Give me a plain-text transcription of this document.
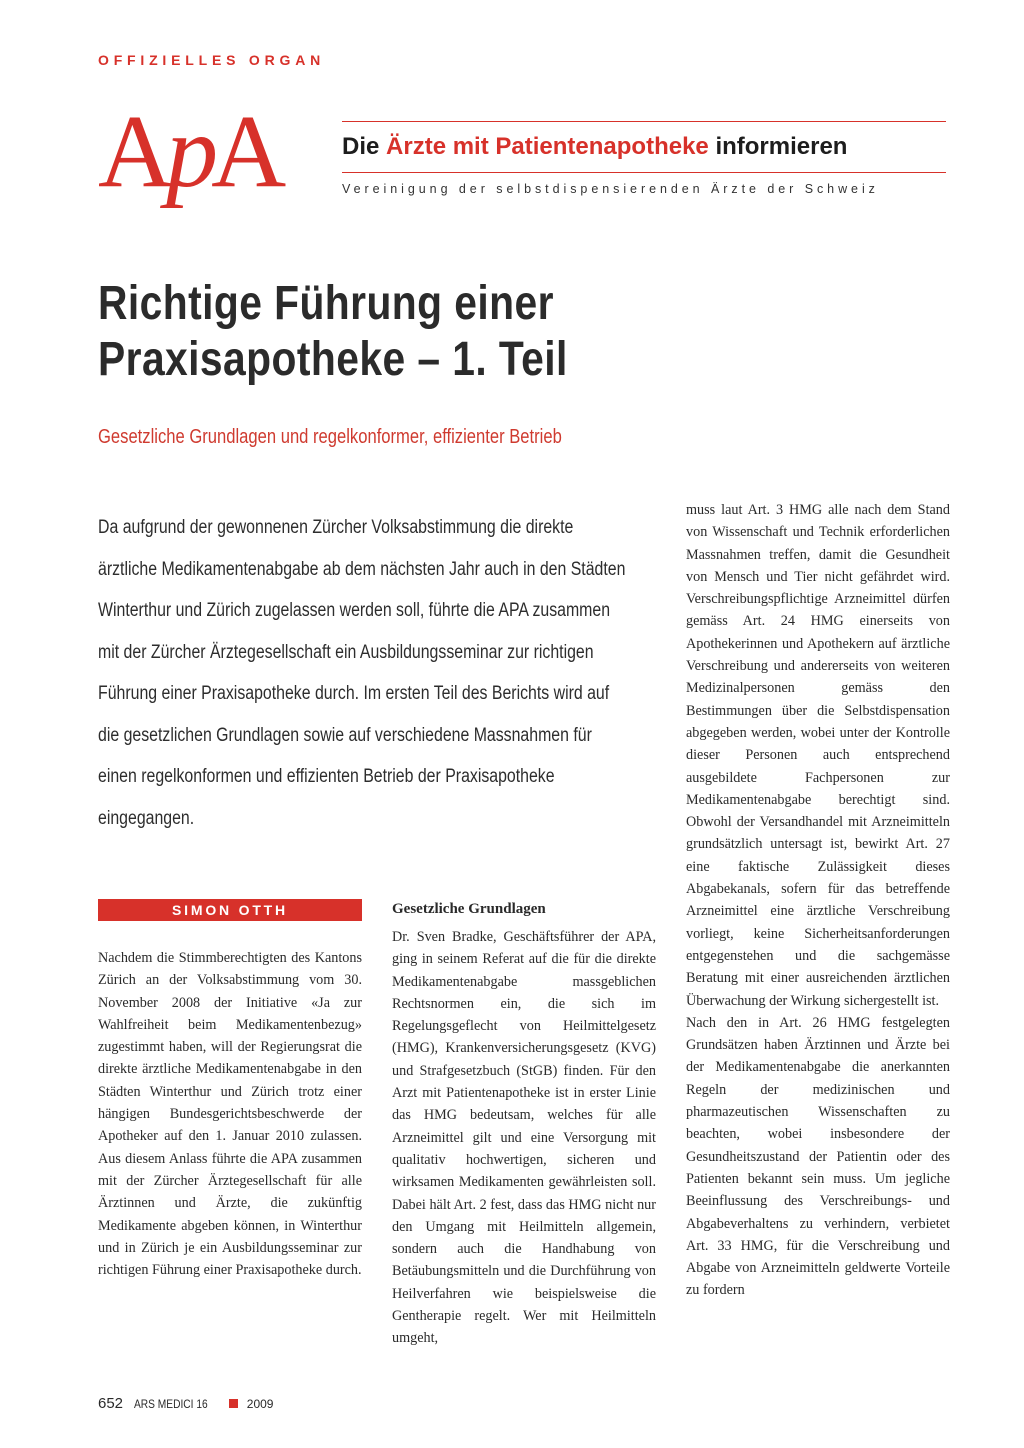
OFFIZIELLES ORGAN
ApA	Die Ärzte mit Patientenapotheke informieren
Vereinigung der selbstdispensierenden Ärzte der Schweiz
Richtige Führung einer Praxisapotheke – 1. Teil
Gesetzliche Grundlagen und regelkonformer, effizienter Betrieb
Da aufgrund der gewonnenen Zürcher Volksabstimmung die direkte ärztliche Medikamentenabgabe ab dem nächsten Jahr auch in den Städten Winterthur und Zürich zugelassen werden soll, führte die APA zusammen mit der Zürcher Ärztegesellschaft ein Ausbildungsseminar zur richtigen Führung einer Praxisapotheke durch. Im ersten Teil des Berichts wird auf die gesetzlichen Grundlagen sowie auf verschiedene Massnahmen für einen regelkonformen und effizienten Betrieb der Praxisapotheke eingegangen.
SIMON OTTH

Nachdem die Stimmberechtigten des Kantons Zürich an der Volksabstimmung vom 30. November 2008 der Initiative «Ja zur Wahlfreiheit beim Medikamentenbezug» zugestimmt haben, will der Regierungsrat die direkte ärztliche Medikamentenabgabe in den Städten Winterthur und Zürich trotz einer hängigen Bundesgerichtsbeschwerde der Apotheker auf den 1. Januar 2010 zulassen. Aus diesem Anlass führte die APA zusammen mit der Zürcher Ärztegesellschaft für alle Ärztinnen und Ärzte, die zukünftig Medikamente abgeben können, in Winterthur und in Zürich je ein Ausbildungsseminar zur richtigen Führung einer Praxisapotheke durch.

Gesetzliche Grundlagen

Dr. Sven Bradke, Geschäftsführer der APA, ging in seinem Referat auf die für die direkte Medikamentenabgabe massgeblichen Rechtsnormen ein, die sich im Regelungsgeflecht von Heilmittelgesetz (HMG), Krankenversicherungsgesetz (KVG) und Strafgesetzbuch (StGB) finden. Für den Arzt mit Patientenapotheke ist in erster Linie das HMG bedeutsam, welches für alle Arzneimittel gilt und eine Versorgung mit qualitativ hochwertigen, sicheren und wirksamen Medikamenten gewährleisten soll. Dabei hält Art. 2 fest, dass das HMG nicht nur den Umgang mit Heilmitteln allgemein, sondern auch die Handhabung von Betäubungsmitteln und die Durchführung von Heilverfahren wie beispielsweise die Gentherapie regelt. Wer mit Heilmitteln umgeht,

muss laut Art. 3 HMG alle nach dem Stand von Wissenschaft und Technik erforderlichen Massnahmen treffen, damit die Gesundheit von Mensch und Tier nicht gefährdet wird. Verschreibungspflichtige Arzneimittel dürfen gemäss Art. 24 HMG einerseits von Apothekerinnen und Apothekern auf ärztliche Verschreibung und andererseits von weiteren Medizinalpersonen gemäss den Bestimmungen über die Selbstdispensation abgegeben werden, wobei unter der Kontrolle dieser Personen auch entsprechend ausgebildete Fachpersonen zur Medikamentenabgabe berechtigt sind. Obwohl der Versandhandel mit Arzneimitteln grundsätzlich untersagt ist, bewirkt Art. 27 eine faktische Zulässigkeit dieses Abgabekanals, sofern für das betreffende Arzneimittel eine ärztliche Verschreibung vorliegt, keine Sicherheitsanforderungen entgegenstehen und die sachgemässe Beratung mit einer ausreichenden ärztlichen Überwachung der Wirkung sichergestellt ist.

Nach den in Art. 26 HMG festgelegten Grundsätzen haben Ärztinnen und Ärzte bei der Medikamentenabgabe die anerkannten Regeln der medizinischen und pharmazeutischen Wissenschaften zu beachten, wobei insbesondere der Gesundheitszustand der Patientin oder des Patienten bekannt sein muss. Um jegliche Beeinflussung des Verschreibungs- und Abgabeverhaltens zu verhindern, verbietet Art. 33 HMG, für die Verschreibung und Abgabe von Arzneimitteln geldwerte Vorteile zu fordern

652 ARS MEDICI 16	2009
